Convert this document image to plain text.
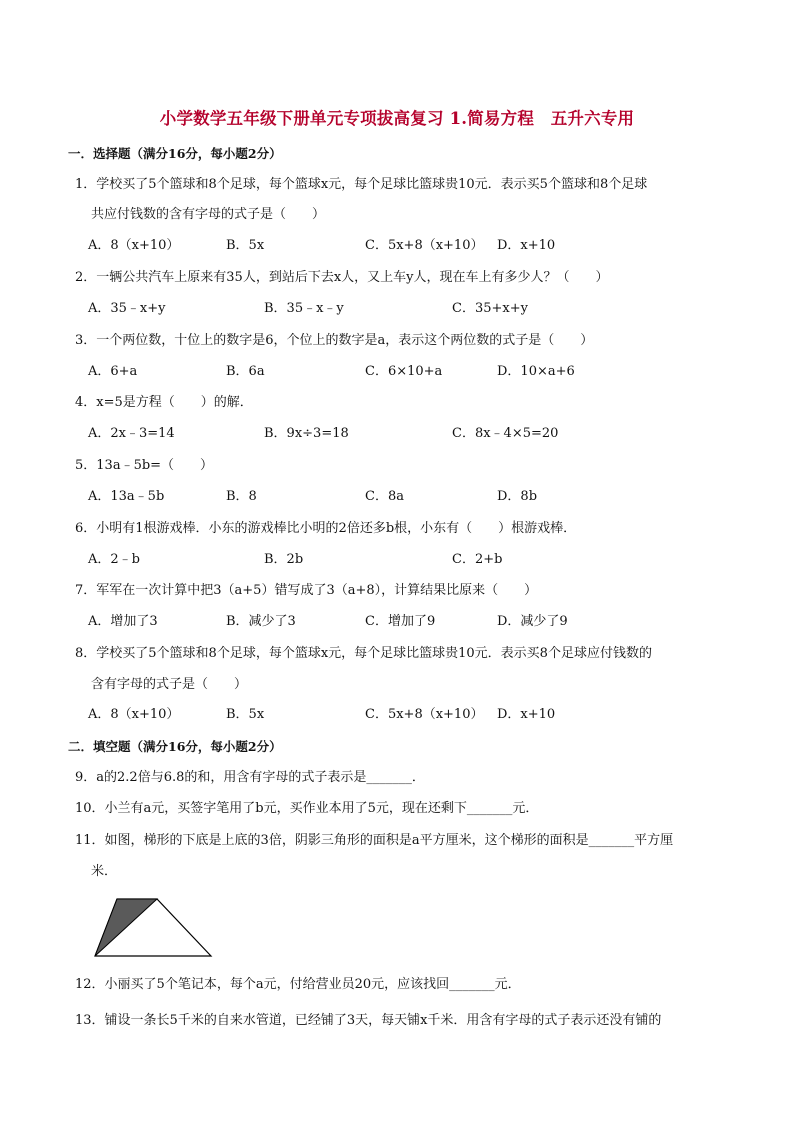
小学数学五年级下册单元专项拔高复习 1.简易方程　五升六专用
一．选择题（满分16分，每小题2分）
1．学校买了5个篮球和8个足球，每个篮球x元，每个足球比篮球贵10元．表示买5个篮球和8个足球
共应付钱数的含有字母的式子是（　　）
A．8（x+10）	B．5x	C．5x+8（x+10） D．x+10
2．一辆公共汽车上原来有35人，到站后下去x人，又上车y人，现在车上有多少人？（　　）
A．35﹣x+y	B．35﹣x﹣y	C．35+x+y
3．一个两位数，十位上的数字是6，个位上的数字是a，表示这个两位数的式子是（　　）
A．6+a	B．6a	C．6×10+a	D．10×a+6
4．x=5是方程（　　）的解．
A．2x﹣3=14	B．9x÷3=18	C．8x﹣4×5=20
5．13a﹣5b=（　　）
A．13a﹣5b	B．8	C．8a	D．8b
6．小明有1根游戏棒．小东的游戏棒比小明的2倍还多b根，小东有（　　）根游戏棒．
A．2﹣b	B．2b	C．2+b
7．军军在一次计算中把3（a+5）错写成了3（a+8），计算结果比原来（　　）
A．增加了3	B．减少了3	C．增加了9	D．减少了9
8．学校买了5个篮球和8个足球，每个篮球x元，每个足球比篮球贵10元．表示买8个足球应付钱数的
含有字母的式子是（　　）
A．8（x+10）	B．5x	C．5x+8（x+10） D．x+10
二．填空题（满分16分，每小题2分）
9．a的2.2倍与6.8的和，用含有字母的式子表示是_______．
10．小兰有a元，买签字笔用了b元，买作业本用了5元，现在还剩下_______元．
11．如图，梯形的下底是上底的3倍，阴影三角形的面积是a平方厘米，这个梯形的面积是_______平方厘
米．
12．小丽买了5个笔记本，每个a元，付给营业员20元，应该找回_______元．
13．铺设一条长5千米的自来水管道，已经铺了3天，每天铺x千米．用含有字母的式子表示还没有铺的
